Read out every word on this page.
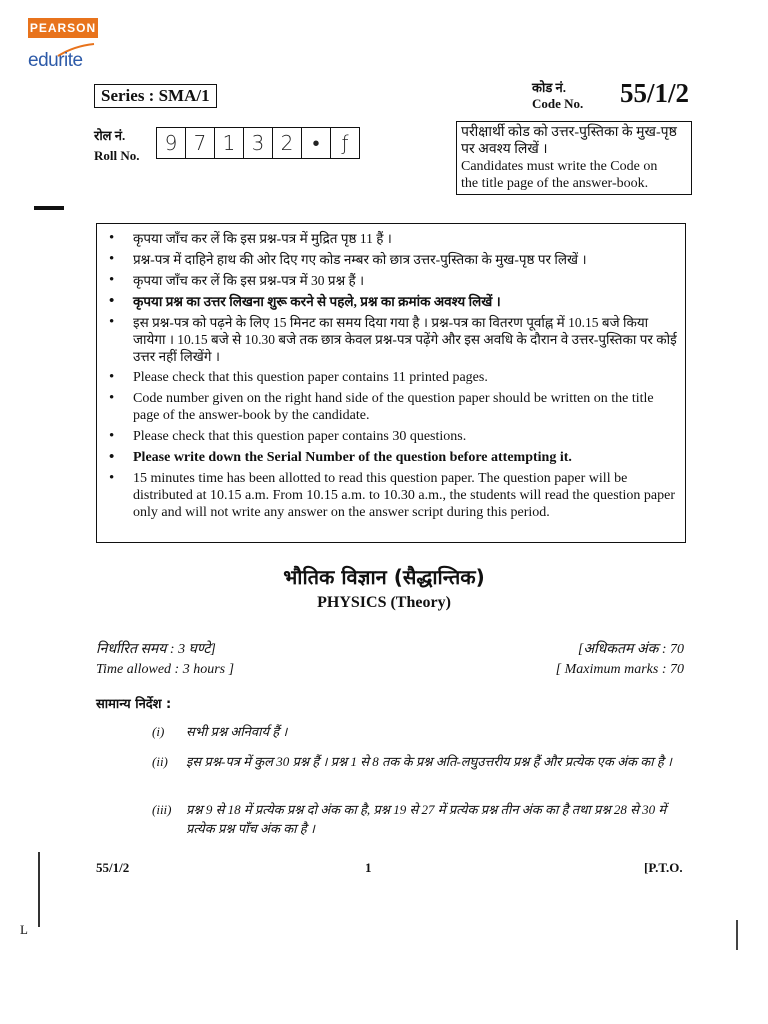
PEARSON
edurite
Series : SMA/1	कोड नं.
Code No. 55/1/2
रोल नं.
Roll No.
9 7 1 3 2 •	ƒ	परीक्षार्थी कोड को उत्तर-पुस्तिका के मुख-पृष्ठ
पर अवश्य लिखें ।
Candidates must write the Code on
the title page of the answer-book.
• कृपया जाँच कर लें कि इस प्रश्न-पत्र में मुद्रित पृष्ठ 11 हैं ।
• प्रश्न-पत्र में दाहिने हाथ की ओर दिए गए कोड नम्बर को छात्र उत्तर-पुस्तिका के मुख-पृष्ठ पर लिखें ।
• कृपया जाँच कर लें कि इस प्रश्न-पत्र में 30 प्रश्न हैं ।
• कृपया प्रश्न का उत्तर लिखना शुरू करने से पहले, प्रश्न का क्रमांक अवश्य लिखें ।
• इस प्रश्न-पत्र को पढ़ने के लिए 15 मिनट का समय दिया गया है । प्रश्न-पत्र का वितरण पूर्वाह्न में 10.15 बजे किया जायेगा । 10.15 बजे से 10.30 बजे तक छात्र केवल प्रश्न-पत्र पढ़ेंगे और इस अवधि के दौरान वे उत्तर-पुस्तिका पर कोई उत्तर नहीं लिखेंगे ।
• Please check that this question paper contains 11 printed pages.
• Code number given on the right hand side of the question paper should be written on the title page of the answer-book by the candidate.
• Please check that this question paper contains 30 questions.
• Please write down the Serial Number of the question before attempting it.
• 15 minutes time has been allotted to read this question paper. The question paper will be distributed at 10.15 a.m. From 10.15 a.m. to 10.30 a.m., the students will read the question paper only and will not write any answer on the answer script during this period.
भौतिक विज्ञान (सैद्धान्तिक)
PHYSICS (Theory)
निर्धारित समय : 3 घण्टे]
Time allowed : 3 hours ]
[अधिकतम अंक : 70
[ Maximum marks : 70
सामान्य निर्देश :
(i) सभी प्रश्न अनिवार्य हैं ।
(ii) इस प्रश्न-पत्र में कुल 30 प्रश्न हैं । प्रश्न 1 से 8 तक के प्रश्न अति-लघुउत्तरीय प्रश्न हैं और प्रत्येक एक अंक का है ।
(iii) प्रश्न 9 से 18 में प्रत्येक प्रश्न दो अंक का है, प्रश्न 19 से 27 में प्रत्येक प्रश्न तीन अंक का है तथा प्रश्न 28 से 30 में प्रत्येक प्रश्न पाँच अंक का है ।
55/1/2	1	[P.T.O.
ʟ
